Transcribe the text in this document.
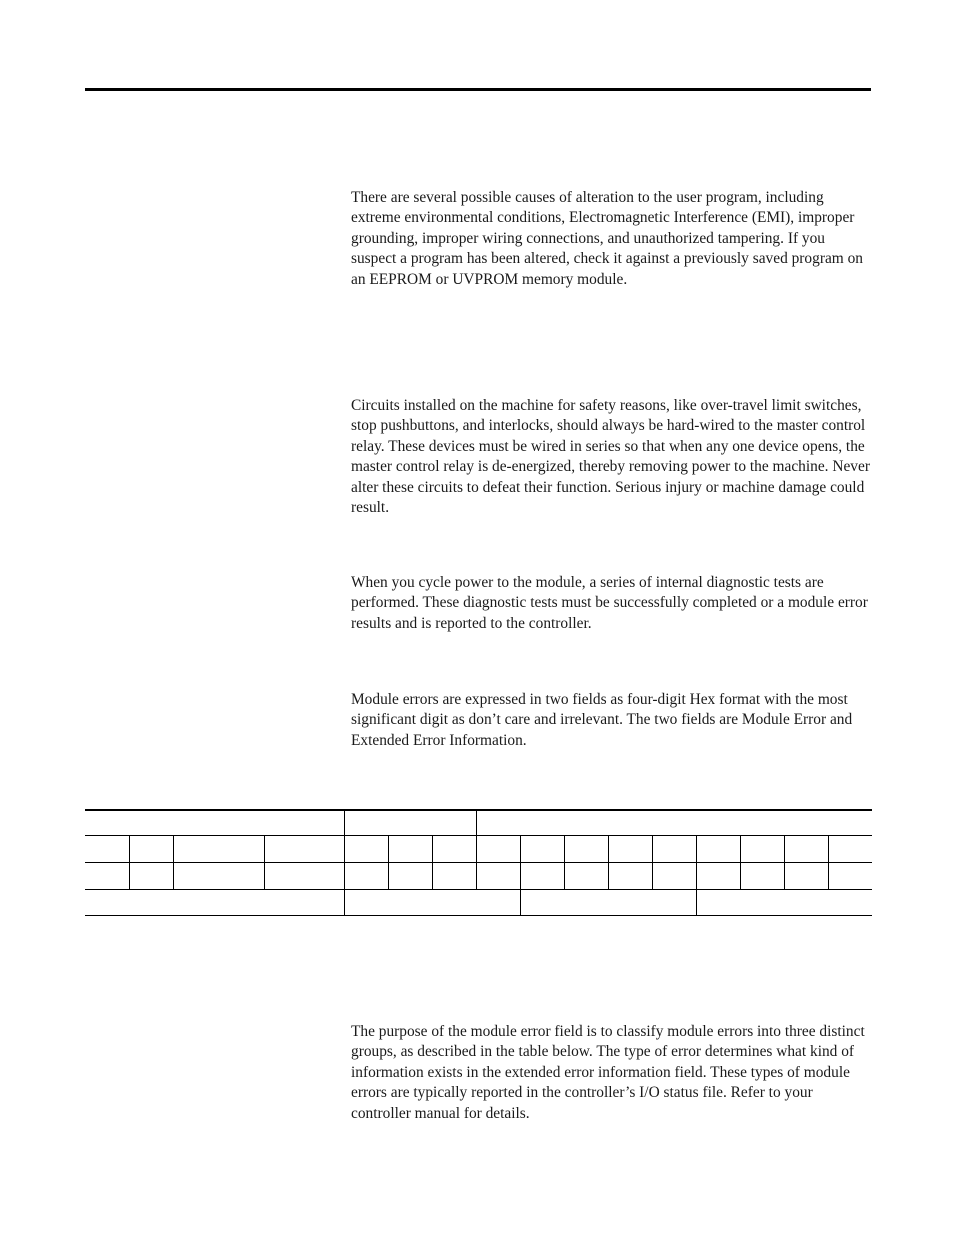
There are several possible causes of alteration to the user program, including extreme environmental conditions, Electromagnetic Interference (EMI), improper grounding, improper wiring connections, and unauthorized tampering. If you suspect a program has been altered, check it against a previously saved program on an EEPROM or UVPROM memory module.

Circuits installed on the machine for safety reasons, like over-travel limit switches, stop pushbuttons, and interlocks, should always be hard-wired to the master control relay. These devices must be wired in series so that when any one device opens, the master control relay is de-energized, thereby removing power to the machine. Never alter these circuits to defeat their function. Serious injury or machine damage could result.

When you cycle power to the module, a series of internal diagnostic tests are performed. These diagnostic tests must be successfully completed or a module error results and is reported to the controller.

Module errors are expressed in two fields as four-digit Hex format with the most significant digit as don’t care and irrelevant. The two fields are Module Error and Extended Error Information.

The purpose of the module error field is to classify module errors into three distinct groups, as described in the table below. The type of error determines what kind of information exists in the extended error information field. These types of module errors are typically reported in the controller’s I/O status file. Refer to your controller manual for details.
